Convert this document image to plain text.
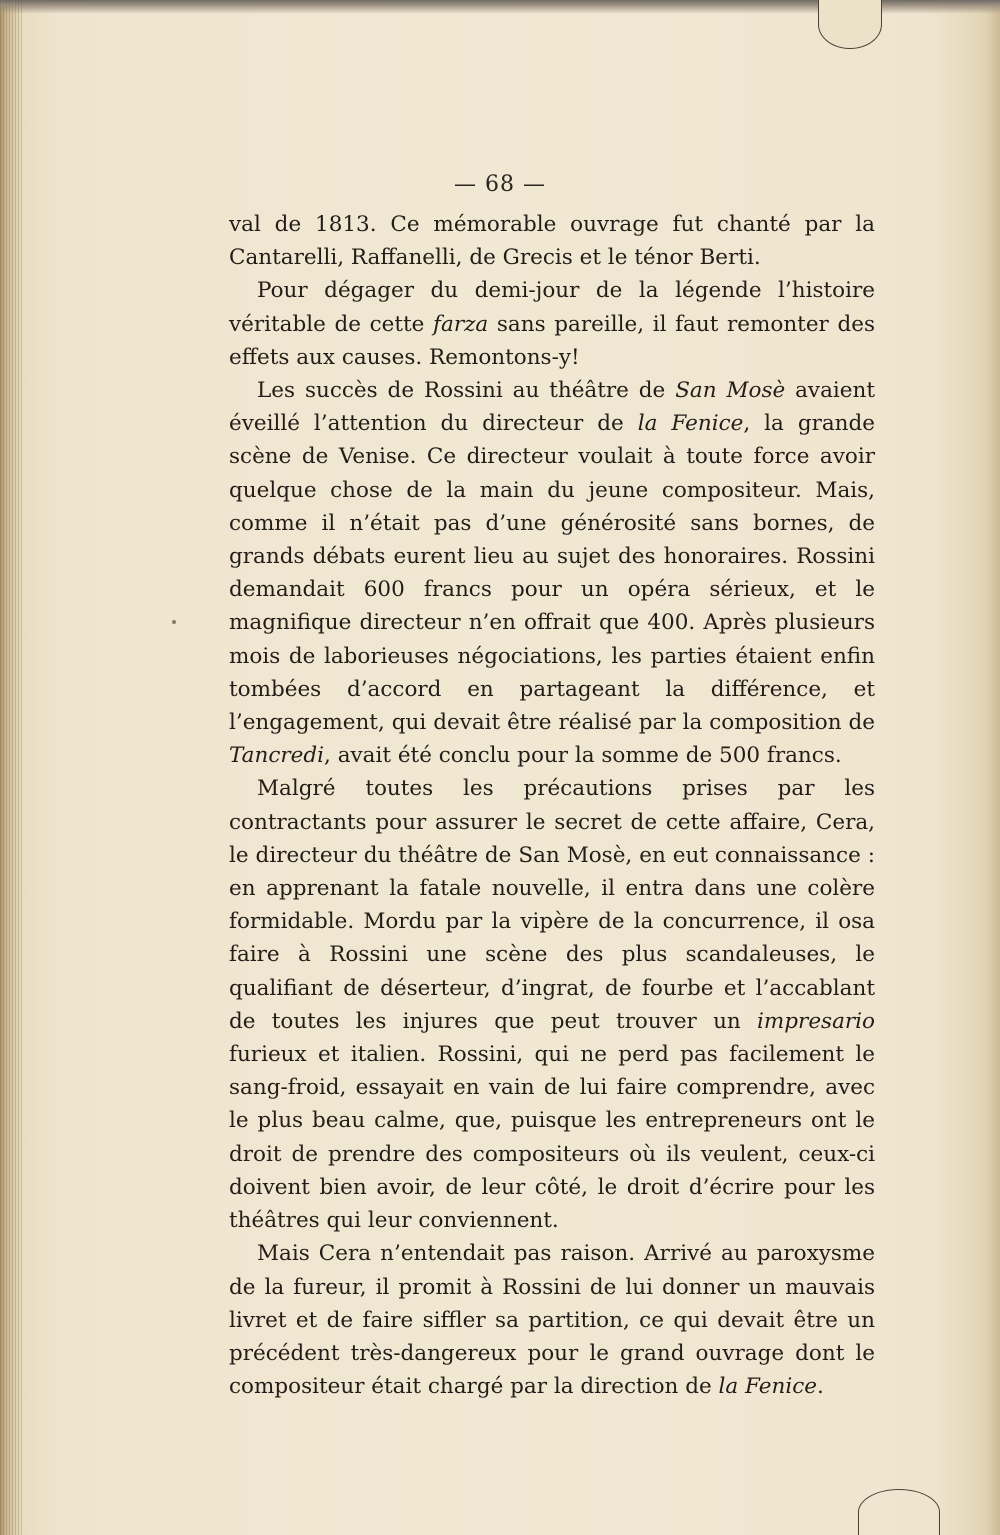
— 68 —

val de 1813. Ce mémorable ouvrage fut chanté par la Cantarelli, Raffanelli, de Grecis et le ténor Berti.

Pour dégager du demi-jour de la légende l’histoire véritable de cette farza sans pareille, il faut remonter des effets aux causes. Remontons-y!

Les succès de Rossini au théâtre de San Mosè avaient éveillé l’attention du directeur de la Fenice, la grande scène de Venise. Ce directeur voulait à toute force avoir quelque chose de la main du jeune compositeur. Mais, comme il n’était pas d’une générosité sans bornes, de grands débats eurent lieu au sujet des honoraires. Rossini demandait 600 francs pour un opéra sérieux, et le magnifique directeur n’en offrait que 400. Après plusieurs mois de laborieuses négociations, les parties étaient enfin tombées d’accord en partageant la différence, et l’engagement, qui devait être réalisé par la composition de Tancredi, avait été conclu pour la somme de 500 francs.

Malgré toutes les précautions prises par les contractants pour assurer le secret de cette affaire, Cera, le directeur du théâtre de San Mosè, en eut connaissance : en apprenant la fatale nouvelle, il entra dans une colère formidable. Mordu par la vipère de la concurrence, il osa faire à Rossini une scène des plus scandaleuses, le qualifiant de déserteur, d’ingrat, de fourbe et l’accablant de toutes les injures que peut trouver un impresario furieux et italien. Rossini, qui ne perd pas facilement le sang-froid, essayait en vain de lui faire comprendre, avec le plus beau calme, que, puisque les entrepreneurs ont le droit de prendre des compositeurs où ils veulent, ceux-ci doivent bien avoir, de leur côté, le droit d’écrire pour les théâtres qui leur conviennent.

Mais Cera n’entendait pas raison. Arrivé au paroxysme de la fureur, il promit à Rossini de lui donner un mauvais livret et de faire siffler sa partition, ce qui devait être un précédent très-dangereux pour le grand ouvrage dont le compositeur était chargé par la direction de la Fenice.
